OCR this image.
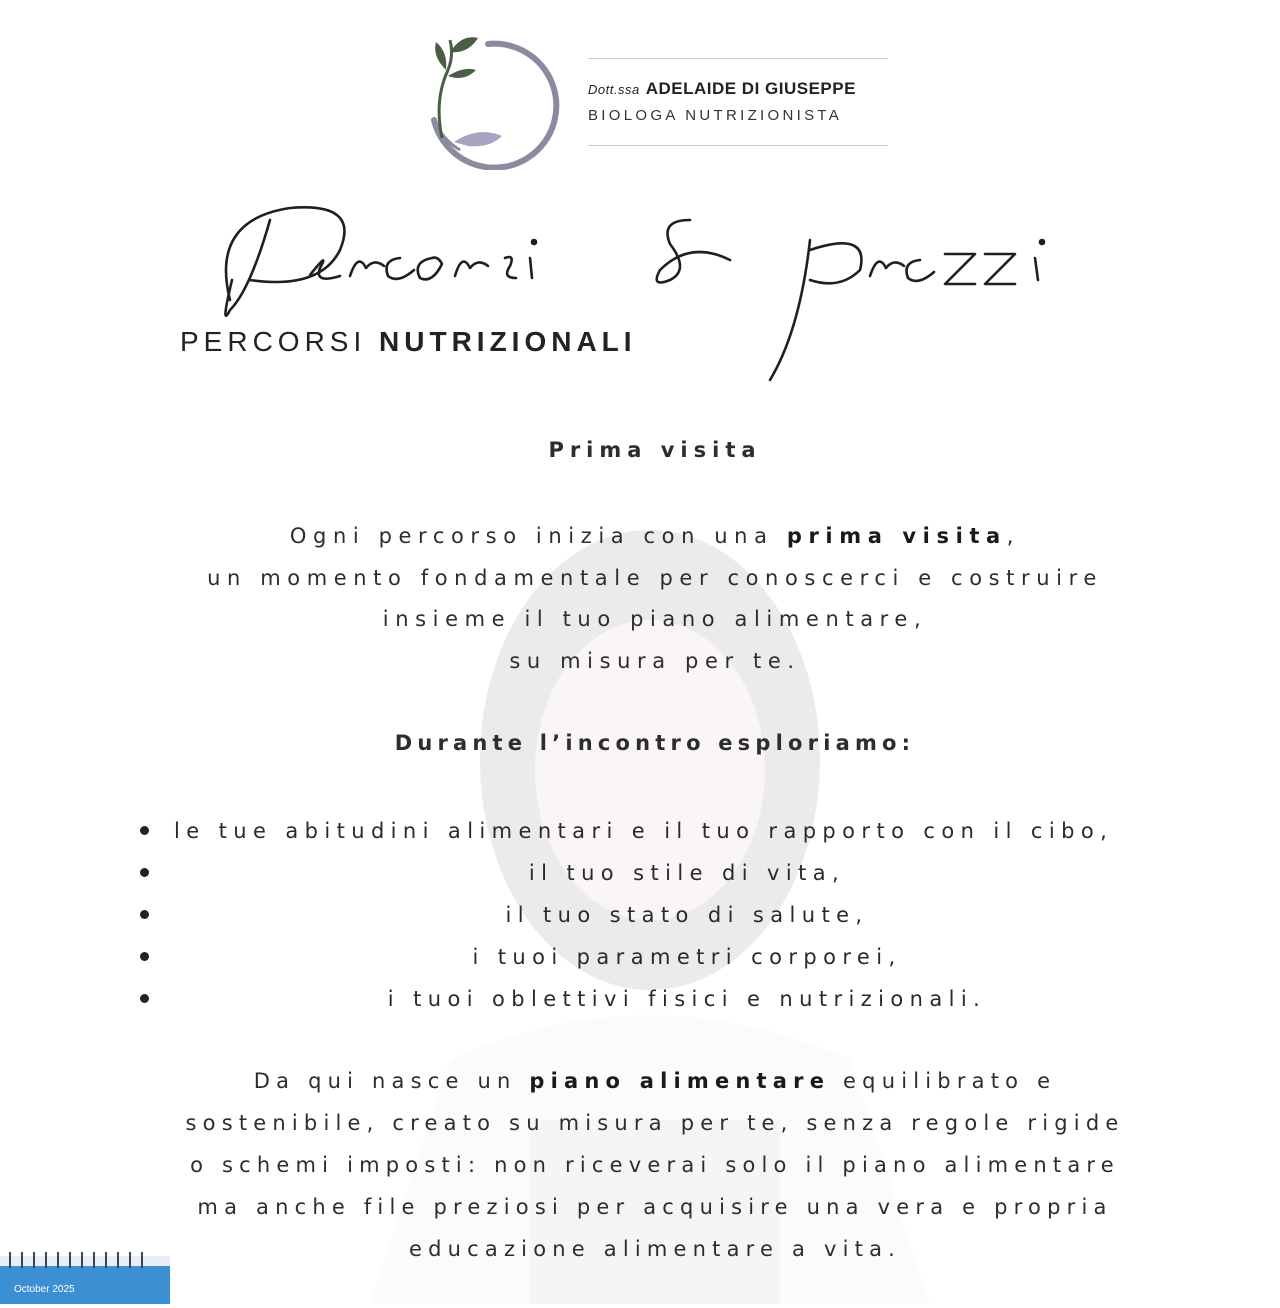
Dott.ssa ADELAIDE DI GIUSEPPE
BIOLOGA NUTRIZIONISTA
PERCORSI NUTRIZIONALI
Prima visita
Ogni percorso inizia con una prima visita,
un momento fondamentale per conoscerci e costruire
insieme il tuo piano alimentare,
su misura per te.
Durante l’incontro esploriamo:
le tue abitudini alimentari e il tuo rapporto con il cibo,
il tuo stile di vita,
il tuo stato di salute,
i tuoi parametri corporei,
i tuoi oblettivi fisici e nutrizionali.
Da qui nasce un piano alimentare equilibrato e
sostenibile, creato su misura per te, senza regole rigide
o schemi imposti: non riceverai solo il piano alimentare
ma anche file preziosi per acquisire una vera e propria
educazione alimentare a vita.
October 2025
